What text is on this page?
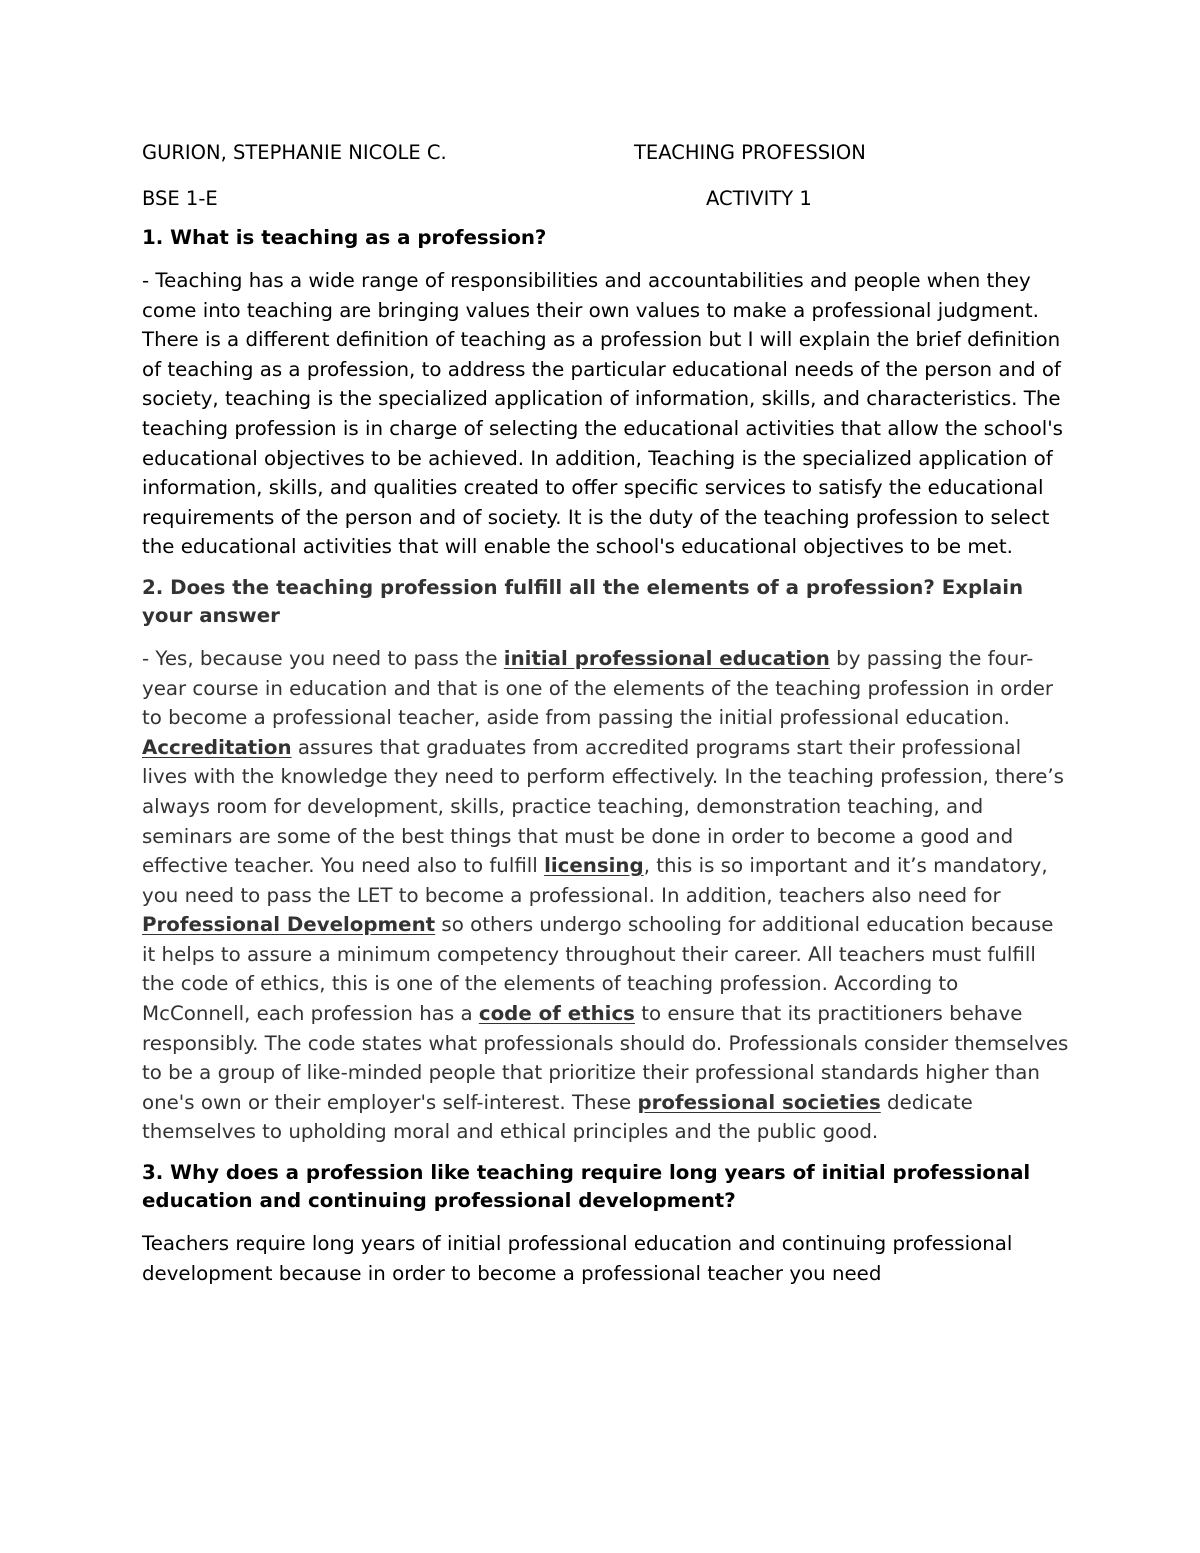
GURION, STEPHANIE NICOLE C.	TEACHING PROFESSION
BSE 1-E	ACTIVITY 1

1. What is teaching as a profession?

- Teaching has a wide range of responsibilities and accountabilities and people when they come into teaching are bringing values their own values to make a professional judgment. There is a different definition of teaching as a profession but I will explain the brief definition of teaching as a profession, to address the particular educational needs of the person and of society, teaching is the specialized application of information, skills, and characteristics. The teaching profession is in charge of selecting the educational activities that allow the school's educational objectives to be achieved. In addition, Teaching is the specialized application of information, skills, and qualities created to offer specific services to satisfy the educational requirements of the person and of society. It is the duty of the teaching profession to select the educational activities that will enable the school's educational objectives to be met.

2. Does the teaching profession fulfill all the elements of a profession? Explain your answer

- Yes, because you need to pass the initial professional education by passing the four-year course in education and that is one of the elements of the teaching profession in order to become a professional teacher, aside from passing the initial professional education. Accreditation assures that graduates from accredited programs start their professional lives with the knowledge they need to perform effectively. In the teaching profession, there’s always room for development, skills, practice teaching, demonstration teaching, and seminars are some of the best things that must be done in order to become a good and effective teacher. You need also to fulfill licensing, this is so important and it’s mandatory, you need to pass the LET to become a professional. In addition, teachers also need for Professional Development so others undergo schooling for additional education because it helps to assure a minimum competency throughout their career. All teachers must fulfill the code of ethics, this is one of the elements of teaching profession. According to McConnell, each profession has a code of ethics to ensure that its practitioners behave responsibly. The code states what professionals should do. Professionals consider themselves to be a group of like-minded people that prioritize their professional standards higher than one's own or their employer's self-interest. These professional societies dedicate themselves to upholding moral and ethical principles and the public good.

3. Why does a profession like teaching require long years of initial professional education and continuing professional development?

Teachers require long years of initial professional education and continuing professional development because in order to become a professional teacher you need
